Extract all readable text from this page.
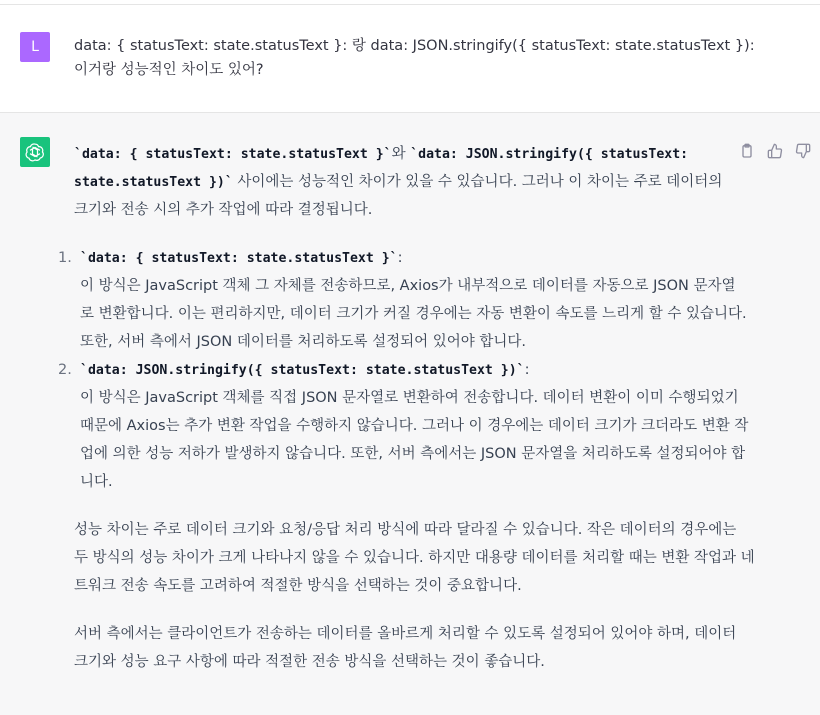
L	data: { statusText: state.statusText }: 랑 data: JSON.stringify({ statusText: state.statusText }):
이거랑 성능적인 차이도 있어?
`data: { statusText: state.statusText }`와 `data: JSON.stringify({ statusText:
state.statusText })` 사이에는 성능적인 차이가 있을 수 있습니다. 그러나 이 차이는 주로 데이터의
크기와 전송 시의 추가 작업에 따라 결정됩니다.
1. `data: { statusText: state.statusText }`:
이 방식은 JavaScript 객체 그 자체를 전송하므로, Axios가 내부적으로 데이터를 자동으로 JSON 문자열
로 변환합니다. 이는 편리하지만, 데이터 크기가 커질 경우에는 자동 변환이 속도를 느리게 할 수 있습니다.
또한, 서버 측에서 JSON 데이터를 처리하도록 설정되어 있어야 합니다.
2. `data: JSON.stringify({ statusText: state.statusText })`:
이 방식은 JavaScript 객체를 직접 JSON 문자열로 변환하여 전송합니다. 데이터 변환이 이미 수행되었기
때문에 Axios는 추가 변환 작업을 수행하지 않습니다. 그러나 이 경우에는 데이터 크기가 크더라도 변환 작
업에 의한 성능 저하가 발생하지 않습니다. 또한, 서버 측에서는 JSON 문자열을 처리하도록 설정되어야 합
니다.
성능 차이는 주로 데이터 크기와 요청/응답 처리 방식에 따라 달라질 수 있습니다. 작은 데이터의 경우에는
두 방식의 성능 차이가 크게 나타나지 않을 수 있습니다. 하지만 대용량 데이터를 처리할 때는 변환 작업과 네
트워크 전송 속도를 고려하여 적절한 방식을 선택하는 것이 중요합니다.
서버 측에서는 클라이언트가 전송하는 데이터를 올바르게 처리할 수 있도록 설정되어 있어야 하며, 데이터
크기와 성능 요구 사항에 따라 적절한 전송 방식을 선택하는 것이 좋습니다.
